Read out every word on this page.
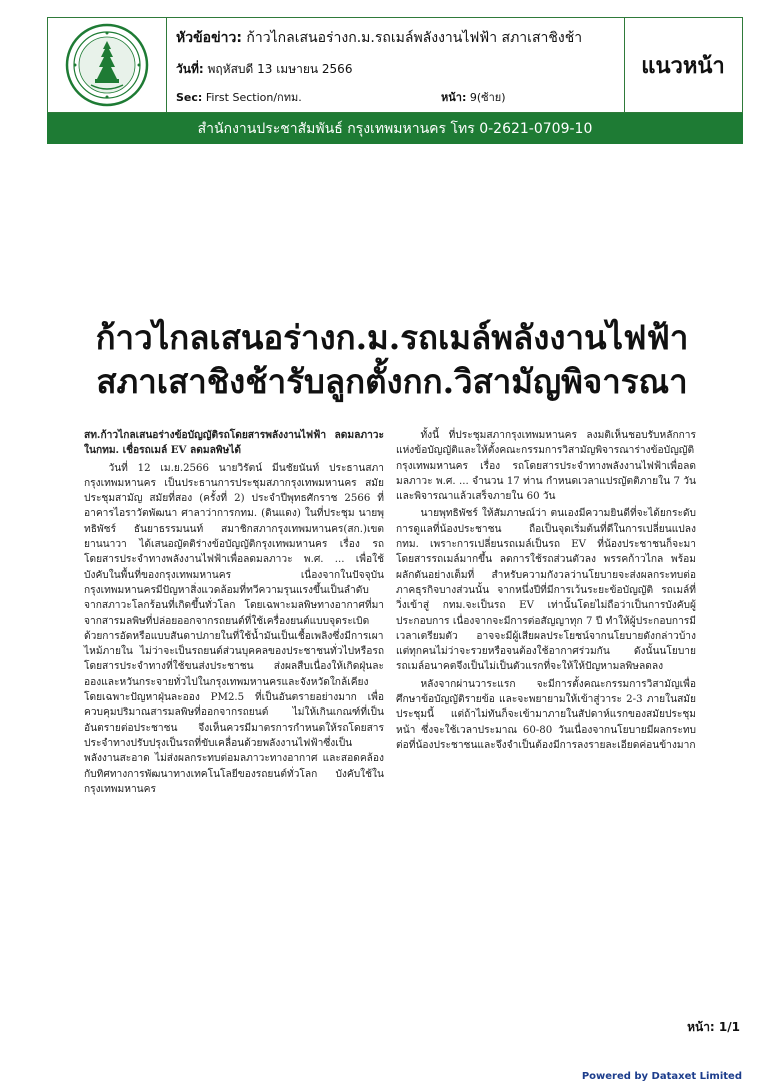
หัวข้อข่าว: ก้าวไกลเสนอร่างก.ม.รถเมล์พลังงานไฟฟ้า สภาเสาชิงช้า
วันที่: พฤหัสบดี 13 เมษายน 2566
Sec: First Section/กทม.	หน้า: 9(ซ้าย)
แนวหน้า
สำนักงานประชาสัมพันธ์ กรุงเทพมหานคร โทร 0-2621-0709-10
ก้าวไกลเสนอร่างก.ม.รถเมล์พลังงานไฟฟ้า
สภาเสาชิงช้ารับลูกตั้งกก.วิสามัญพิจารณา

สท.ก้าวไกลเสนอร่างข้อบัญญัติรถโดยสารพลังงานไฟฟ้า ลดมลภาวะในกทม. เชื่อรถเมล์ EV ลดมลพิษได้

วันที่ 12 เม.ย.2566 นายวิรัตน์ มีนชัยนันท์ ประธานสภากรุงเทพมหานคร เป็นประธานการประชุมสภากรุงเทพมหานคร สมัยประชุมสามัญ สมัยที่สอง (ครั้งที่ 2) ประจำปีพุทธศักราช 2566 ที่อาคารไอราวัตพัฒนา ศาลาว่าการกทม. (ดินแดง) ในที่ประชุม นายพุทธิพัชร์ ธันยาธรรมนนท์ สมาชิกสภากรุงเทพมหานคร(สก.)เขตยานนาวา ได้เสนอญัตติร่างข้อบัญญัติกรุงเทพมหานคร เรื่อง รถโดยสารประจำทางพลังงานไฟฟ้าเพื่อลดมลภาวะ พ.ศ. ... เพื่อใช้บังคับในพื้นที่ของกรุงเทพมหานคร เนื่องจากในปัจจุบันกรุงเทพมหานครมีปัญหาสิ่งแวดล้อมที่ทวีความรุนแรงขึ้นเป็นลำดับ จากสภาวะโลกร้อนที่เกิดขึ้นทั่วโลก โดยเฉพาะมลพิษทางอากาศที่มาจากสารมลพิษที่ปล่อยออกจากรถยนต์ที่ใช้เครื่องยนต์แบบจุดระเบิดด้วยการอัดหรือแบบสันดาปภายในที่ใช้น้ำมันเป็นเชื้อเพลิงซึ่งมีการเผาไหม้ภายใน ไม่ว่าจะเป็นรถยนต์ส่วนบุคคลของประชาชนทั่วไปหรือรถโดยสารประจำทางที่ใช้ขนส่งประชาชน ส่งผลสืบเนื่องให้เกิดฝุ่นละอองและหวันกระจายทั่วไปในกรุงเทพมหานครและจังหวัดใกล้เคียง โดยเฉพาะปัญหาฝุ่นละออง PM2.5 ที่เป็นอันตรายอย่างมาก เพื่อควบคุมปริมาณสารมลพิษที่ออกจากรถยนต์ ไม่ให้เกินเกณฑ์ที่เป็นอันตรายต่อประชาชน จึงเห็นควรมีมาตรการกำหนดให้รถโดยสารประจำทางปรับปรุงเป็นรถที่ขับเคลื่อนด้วยพลังงานไฟฟ้าซึ่งเป็นพลังงานสะอาด ไม่ส่งผลกระทบต่อมลภาวะทางอากาศ และสอดคล้องกับทิศทางการพัฒนาทางเทคโนโลยีของรถยนต์ทั่วโลก บังคับใช้ในกรุงเทพมหานคร

ทั้งนี้ ที่ประชุมสภากรุงเทพมหานคร ลงมติเห็นชอบรับหลักการแห่งข้อบัญญัติและให้ตั้งคณะกรรมการวิสามัญพิจารณาร่างข้อบัญญัติกรุงเทพมหานคร เรื่อง รถโดยสารประจำทางพลังงานไฟฟ้าเพื่อลดมลภาวะ พ.ศ. ... จำนวน 17 ท่าน กำหนดเวลาแปรญัตติภายใน 7 วัน และพิจารณาแล้วเสร็จภายใน 60 วัน

นายพุทธิพัชร์ ให้สัมภาษณ์ว่า ตนเองมีความยินดีที่จะได้ยกระดับการดูแลที่น้องประชาชน ถือเป็นจุดเริ่มต้นที่ดีในการเปลี่ยนแปลง กทม. เพราะการเปลี่ยนรถเมล์เป็นรถ EV ที่น้องประชาชนก็จะมาโดยสารรถเมล์มากขึ้น ลดการใช้รถส่วนตัวลง พรรคก้าวไกล พร้อมผลักดันอย่างเต็มที่ สำหรับความกังวลว่านโยบายจะส่งผลกระทบต่อภาคธุรกิจบางส่วนนั้น จากหนึ่งปีที่มีการเว้นระยะข้อบัญญัติ รถเมล์ที่วิ่งเข้าสู่ กทม.จะเป็นรถ EV เท่านั้นโดยไม่ถือว่าเป็นการบังคับผู้ประกอบการ เนื่องจากจะมีการต่อสัญญาทุก 7 ปี ทำให้ผู้ประกอบการมีเวลาเตรียมตัว อาจจะมีผู้เสียผลประโยชน์จากนโยบายดังกล่าวบ้าง แต่ทุกคนไม่ว่าจะรวยหรือจนต้องใช้อากาศร่วมกัน ดังนั้นนโยบายรถเมล์อนาคตจึงเป็นไม่เป็นตัวแรกที่จะให้ให้ปัญหามลพิษลดลง

หลังจากผ่านวาระแรก จะมีการตั้งคณะกรรมการวิสามัญเพื่อศึกษาข้อบัญญัติรายข้อ และจะพยายามให้เข้าสู่วาระ 2-3 ภายในสมัยประชุมนี้ แต่ถ้าไม่ทันก็จะเข้ามาภายในสัปดาห์แรกของสมัยประชุมหน้า ซึ่งจะใช้เวลาประมาณ 60-80 วันเนื่องจากนโยบายมีผลกระทบต่อที่น้องประชาชนและจึงจำเป็นต้องมีการลงรายละเอียดค่อนข้างมาก

หน้า: 1/1
Powered by Dataxet Limited
